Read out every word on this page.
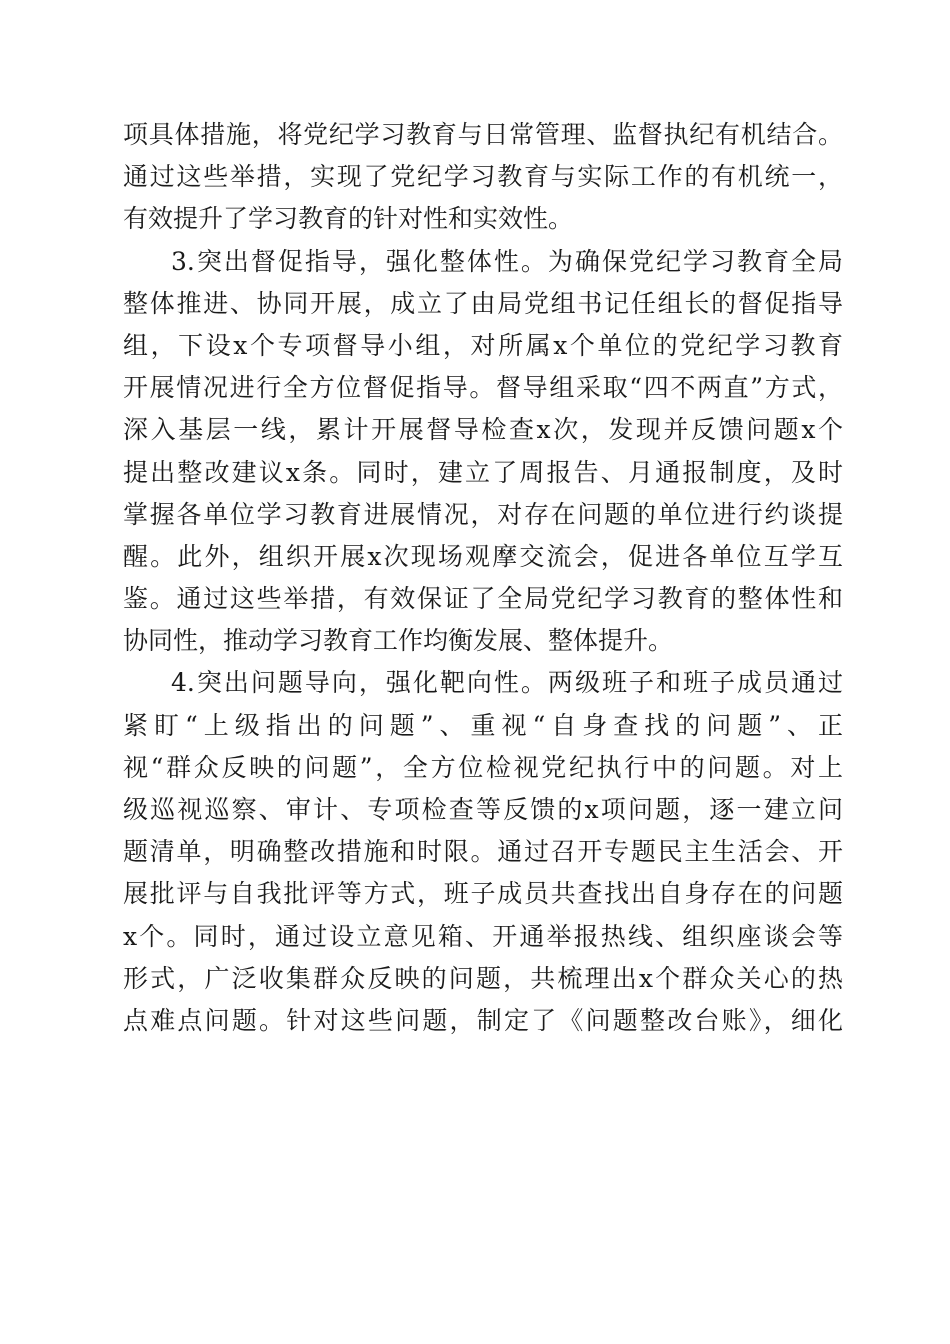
项具体措施，将党纪学习教育与日常管理、监督执纪有机结合。
通过这些举措，实现了党纪学习教育与实际工作的有机统一，
有效提升了学习教育的针对性和实效性。
3.突出督促指导，强化整体性。为确保党纪学习教育全局
整体推进、协同开展，成立了由局党组书记任组长的督促指导
组，下设x个专项督导小组，对所属x个单位的党纪学习教育
开展情况进行全方位督促指导。督导组采取“四不两直”方式，
深入基层一线，累计开展督导检查x次，发现并反馈问题x个
提出整改建议x条。同时，建立了周报告、月通报制度，及时
掌握各单位学习教育进展情况，对存在问题的单位进行约谈提
醒。此外，组织开展x次现场观摩交流会，促进各单位互学互
鉴。通过这些举措，有效保证了全局党纪学习教育的整体性和
协同性，推动学习教育工作均衡发展、整体提升。
4.突出问题导向，强化靶向性。两级班子和班子成员通过
紧盯“上级指出的问题”、重视“自身查找的问题”、正
视“群众反映的问题”，全方位检视党纪执行中的问题。对上
级巡视巡察、审计、专项检查等反馈的x项问题，逐一建立问
题清单，明确整改措施和时限。通过召开专题民主生活会、开
展批评与自我批评等方式，班子成员共查找出自身存在的问题
x个。同时，通过设立意见箱、开通举报热线、组织座谈会等
形式，广泛收集群众反映的问题，共梳理出x个群众关心的热
点难点问题。针对这些问题，制定了《问题整改台账》，细化
